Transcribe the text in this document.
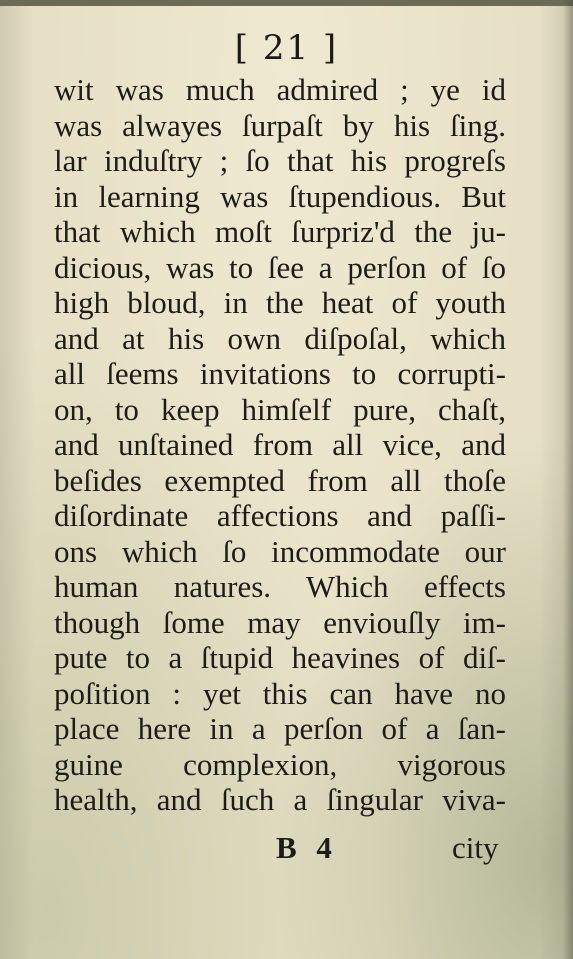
[ 21 ]
wit was much admired ; ye id
was alwayes ſurpaſt by his ſing.
lar induſtry ; ſo that his progreſs
in learning was ſtupendious. But
that which moſt ſurpriz'd the ju-
dicious, was to ſee a perſon of ſo
high bloud, in the heat of youth
and at his own diſpoſal, which
all ſeems invitations to corrupti-
on, to keep himſelf pure, chaſt,
and unſtained from all vice, and
beſides exempted from all thoſe
diſordinate affections and paſſi-
ons which ſo incommodate our
human natures. Which effects
though ſome may enviouſly im-
pute to a ſtupid heavines of diſ-
poſition : yet this can have no
place here in a perſon of a ſan-
guine complexion, vigorous
health, and ſuch a ſingular viva-
B 4	city
